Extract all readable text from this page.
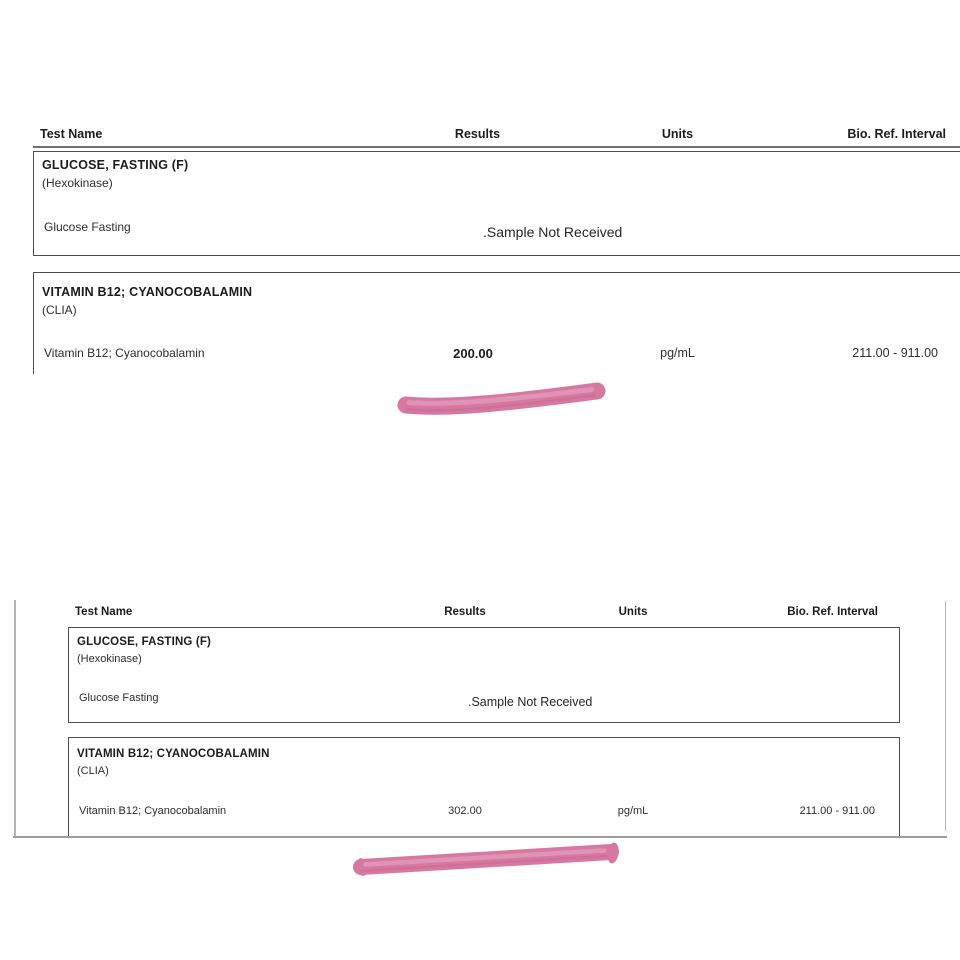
Test Name	Results	Units	Bio. Ref. Interval
GLUCOSE, FASTING (F)
(Hexokinase)
Glucose Fasting	.Sample Not Received
VITAMIN B12; CYANOCOBALAMIN
(CLIA)
Vitamin B12; Cyanocobalamin	200.00	pg/mL	211.00 - 911.00
Test Name	Results	Units	Bio. Ref. Interval
GLUCOSE, FASTING (F)
(Hexokinase)
Glucose Fasting	.Sample Not Received
VITAMIN B12; CYANOCOBALAMIN
(CLIA)
Vitamin B12; Cyanocobalamin	302.00	pg/mL	211.00 - 911.00
